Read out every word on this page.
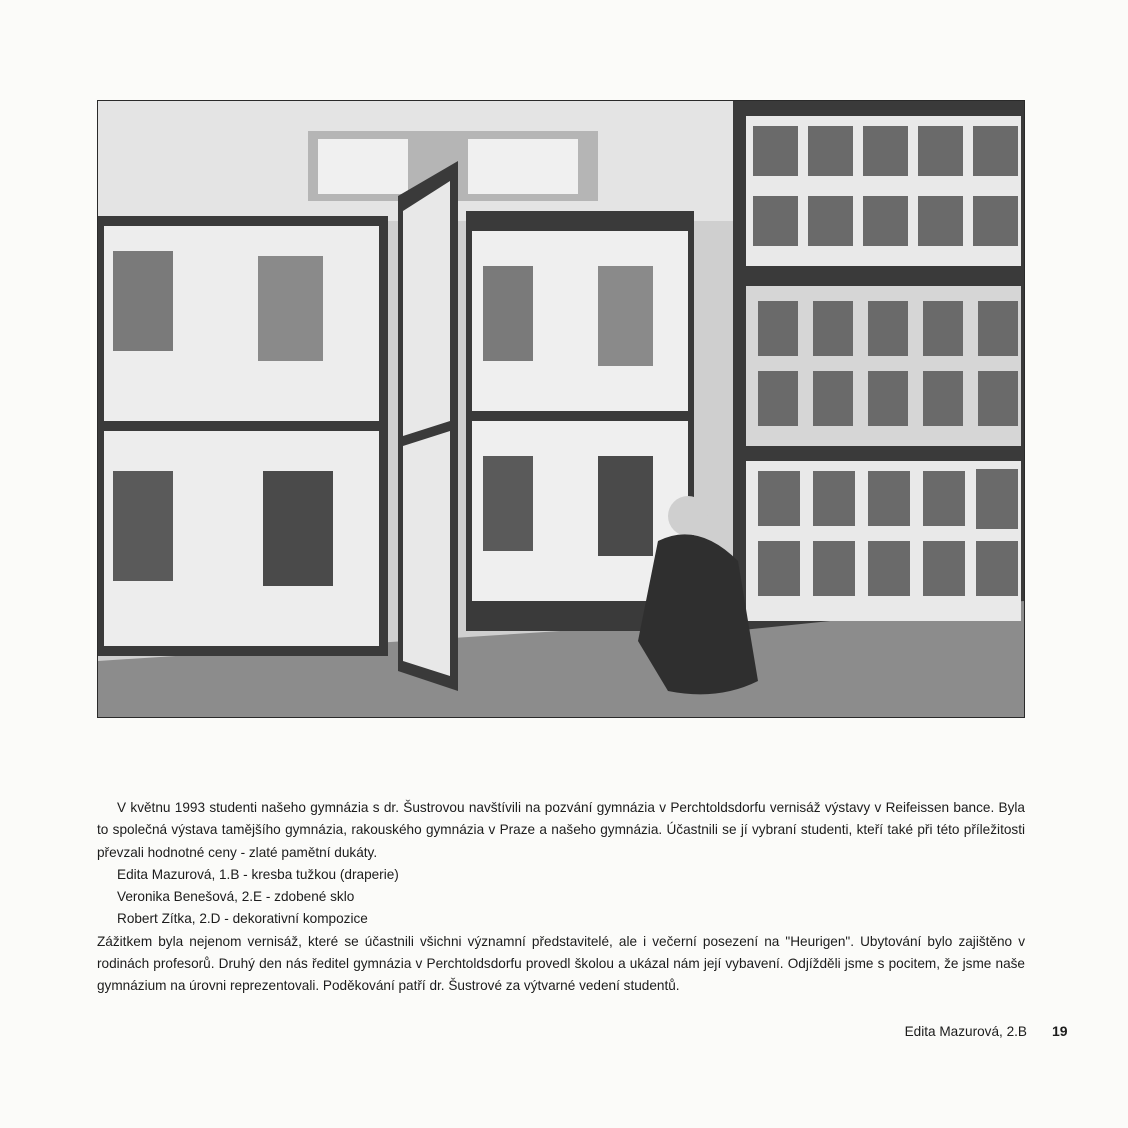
V květnu 1993 studenti našeho gymnázia s dr. Šustrovou navštívili na pozvání gymnázia v Perchtoldsdorfu vernisáž výstavy v Reifeissen bance. Byla to společná výstava tamějšího gymnázia, rakouského gymnázia v Praze a našeho gymnázia. Účastnili se jí vybraní studenti, kteří také při této příležitosti převzali hodnotné ceny - zlaté pamětní dukáty.

Edita Mazurová, 1.B - kresba tužkou (draperie)
Veronika Benešová, 2.E - zdobené sklo
Robert Zítka, 2.D - dekorativní kompozice

Zážitkem byla nejenom vernisáž, které se účastnili všichni významní představitelé, ale i večerní posezení na "Heurigen". Ubytování bylo zajištěno v rodinách profesorů. Druhý den nás ředitel gymnázia v Perchtoldsdorfu provedl školou a ukázal nám její vybavení. Odjížděli jsme s pocitem, že jsme naše gymnázium na úrovni reprezentovali. Poděkování patří dr. Šustrové za výtvarné vedení studentů.

Edita Mazurová, 2.B 19
